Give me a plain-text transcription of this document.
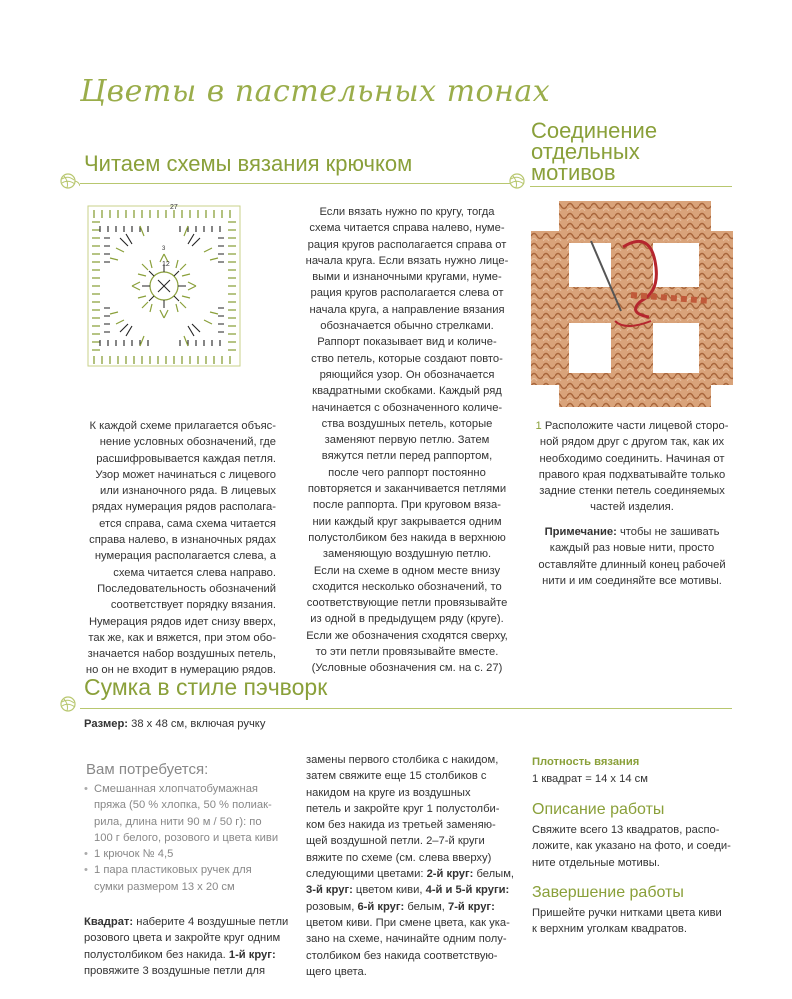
Цветы в пастельных тонах
Читаем схемы вязания крючком
Соединение
отдельных
мотивов
27
12
3
К каждой схеме прилагается объяс-
нение условных обозначений, где
расшифровывается каждая петля.
Узор может начинаться с лицевого
или изнаночного ряда. В лицевых
рядах нумерация рядов располага-
ется справа, сама схема читается
справа налево, в изнаночных рядах
нумерация располагается слева, а
схема читается слева направо.
Последовательность обозначений
соответствует порядку вязания.
Нумерация рядов идет снизу вверх,
так же, как и вяжется, при этом обо-
значается набор воздушных петель,
но он не входит в нумерацию рядов.
Если вязать нужно по кругу, тогда
схема читается справа налево, нуме-
рация кругов располагается справа от
начала круга. Если вязать нужно лице-
выми и изнаночными кругами, нуме-
рация кругов располагается слева от
начала круга, а направление вязания
обозначается обычно стрелками.
Раппорт показывает вид и количе-
ство петель, которые создают повто-
ряющийся узор. Он обозначается
квадратными скобками. Каждый ряд
начинается с обозначенного количе-
ства воздушных петель, которые
заменяют первую петлю. Затем
вяжутся петли перед раппортом,
после чего раппорт постоянно
повторяется и заканчивается петлями
после раппорта. При круговом вяза-
нии каждый круг закрывается одним
полустолбиком без накида в верхнюю
заменяющую воздушную петлю.
Если на схеме в одном месте внизу
сходится несколько обозначений, то
соответствующие петли провязывайте
из одной в предыдущем ряду (круге).
Если же обозначения сходятся сверху,
то эти петли провязывайте вместе.
(Условные обозначения см. на с. 27)
1 Расположите части лицевой сторо-
ной рядом друг с другом так, как их
необходимо соединить. Начиная от
правого края подхватывайте только
задние стенки петель соединяемых
частей изделия.
Примечание: чтобы не зашивать
каждый раз новые нити, просто
оставляйте длинный конец рабочей
нити и им соединяйте все мотивы.
Сумка в стиле пэчворк
Размер: 38 х 48 см, включая ручку
Вам потребуется:
• Смешанная хлопчатобумажная
пряжа (50 % хлопка, 50 % полиак-
рила, длина нити 90 м / 50 г): по
100 г белого, розового и цвета киви
• 1 крючок № 4,5
• 1 пара пластиковых ручек для
сумки размером 13 х 20 см
Квадрат: наберите 4 воздушные петли
розового цвета и закройте круг одним
полустолбиком без накида. 1-й круг:
провяжите 3 воздушные петли для
замены первого столбика с накидом,
затем свяжите еще 15 столбиков с
накидом на круге из воздушных
петель и закройте круг 1 полустолби-
ком без накида из третьей заменяю-
щей воздушной петли. 2–7-й круги
вяжите по схеме (см. слева вверху)
следующими цветами: 2-й круг: белым,
3-й круг: цветом киви, 4-й и 5-й круги:
розовым, 6-й круг: белым, 7-й круг:
цветом киви. При смене цвета, как ука-
зано на схеме, начинайте одним полу-
столбиком без накида соответствую-
щего цвета.
Плотность вязания
1 квадрат = 14 х 14 см
Описание работы
Свяжите всего 13 квадратов, распо-
ложите, как указано на фото, и соеди-
ните отдельные мотивы.
Завершение работы
Пришейте ручки нитками цвета киви
к верхним уголкам квадратов.
